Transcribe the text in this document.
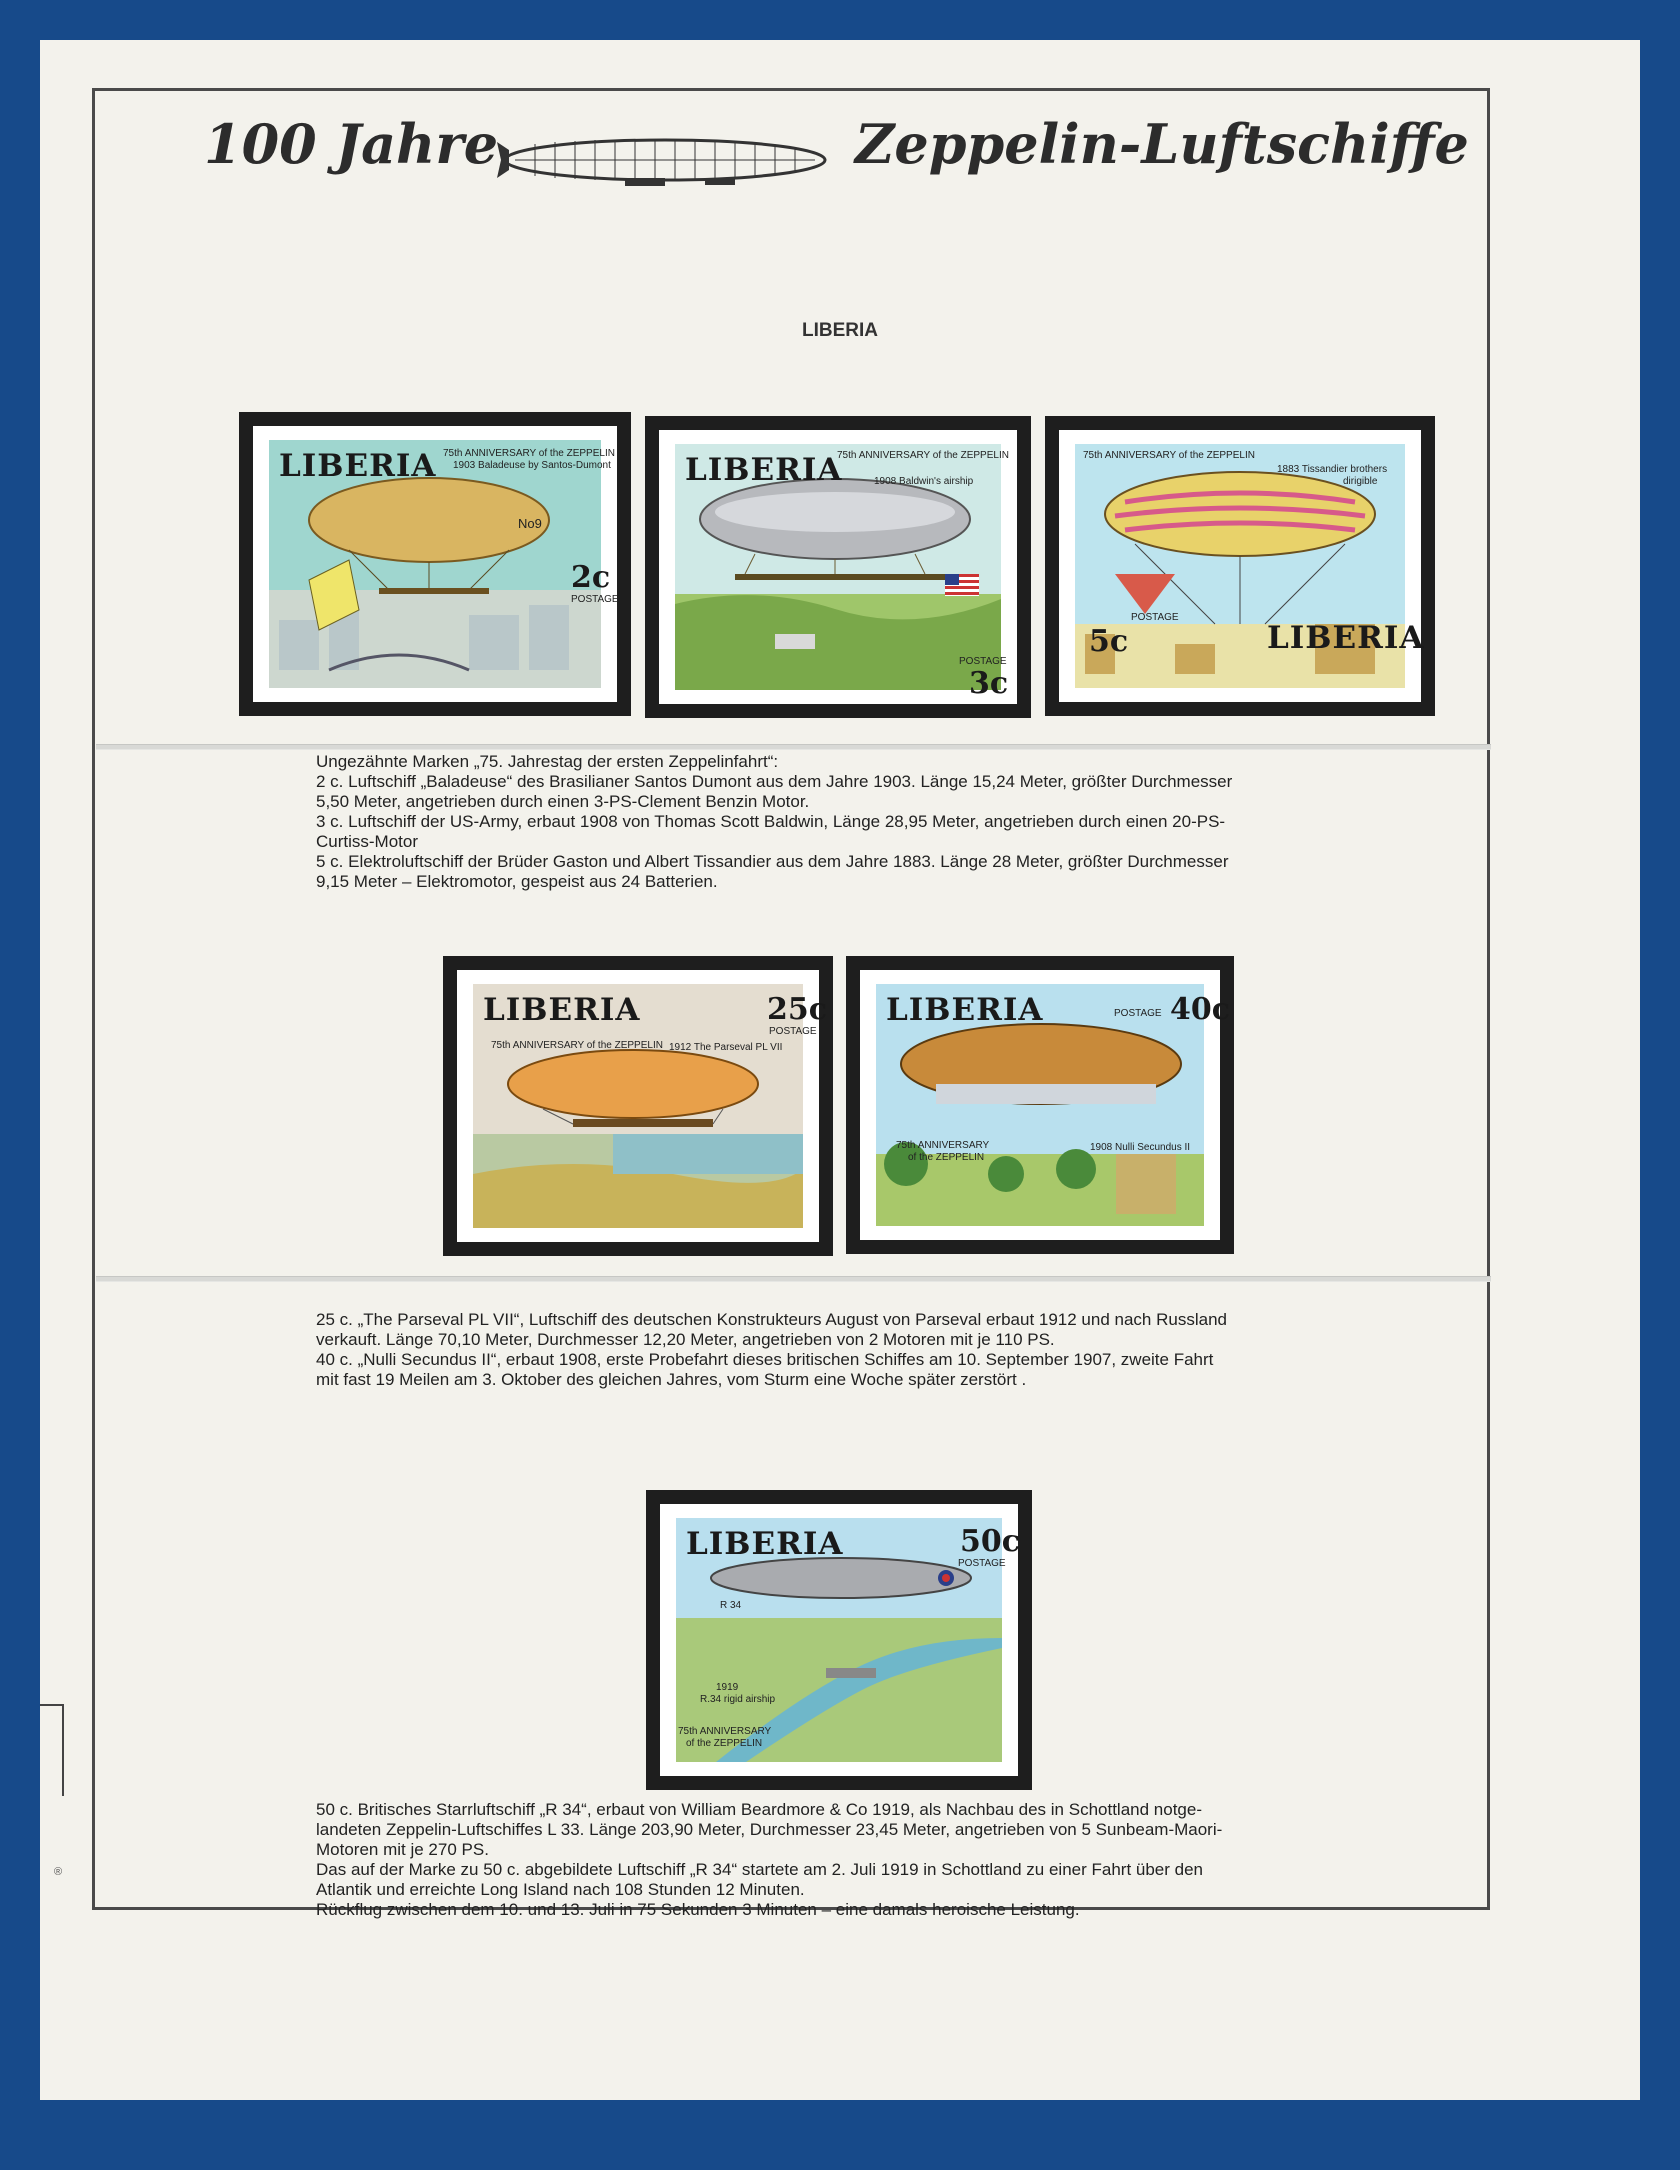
100 Jahre	Zeppelin-Luftschiffe
LIBERIA
LIBERIA 75th ANNIVERSARY of the ZEPPELIN
1903 Baladeuse by Santos-Dumont
No9
2c
POSTAGE
LIBERIA
75th ANNIVERSARY of the ZEPPELIN
1908 Baldwin's airship
POSTAGE
3c
75th ANNIVERSARY of the ZEPPELIN
1883 Tissandier brothers
dirigible
POSTAGE
5c	LIBERIA

Ungezähnte Marken „75. Jahrestag der ersten Zeppelinfahrt“:

2 c. Luftschiff „Baladeuse“ des Brasilianer Santos Dumont aus dem Jahre 1903. Länge 15,24 Meter, größter Durchmesser

5,50 Meter, angetrieben durch einen 3-PS-Clement Benzin Motor.

3 c. Luftschiff der US-Army, erbaut 1908 von Thomas Scott Baldwin, Länge 28,95 Meter, angetrieben durch einen 20-PS-

Curtiss-Motor

5 c. Elektroluftschiff der Brüder Gaston und Albert Tissandier aus dem Jahre 1883. Länge 28 Meter, größter Durchmesser

9,15 Meter – Elektromotor, gespeist aus 24 Batterien.

LIBERIA	25c
POSTAGE
75th ANNIVERSARY of the ZEPPELIN 1912 The Parseval PL VII
LIBERIA	POSTAGE 40c
75th ANNIVERSARY
of the ZEPPELIN
1908 Nulli Secundus II

25 c. „The Parseval PL VII“, Luftschiff des deutschen Konstrukteurs August von Parseval erbaut 1912 und nach Russland

verkauft. Länge 70,10 Meter, Durchmesser 12,20 Meter, angetrieben von 2 Motoren mit je 110 PS.

40 c. „Nulli Secundus II“, erbaut 1908, erste Probefahrt dieses britischen Schiffes am 10. September 1907, zweite Fahrt

mit fast 19 Meilen am 3. Oktober des gleichen Jahres, vom Sturm eine Woche später zerstört .

LIBERIA	50c
POSTAGE
R 34
1919
R.34 rigid airship
75th ANNIVERSARY
of the ZEPPELIN

50 c. Britisches Starrluftschiff „R 34“, erbaut von William Beardmore & Co 1919, als Nachbau des in Schottland notge-

landeten Zeppelin-Luftschiffes L 33. Länge 203,90 Meter, Durchmesser 23,45 Meter, angetrieben von 5 Sunbeam-Maori-

Motoren mit je 270 PS.

Das auf der Marke zu 50 c. abgebildete Luftschiff „R 34“ startete am 2. Juli 1919 in Schottland zu einer Fahrt über den

Atlantik und erreichte Long Island nach 108 Stunden 12 Minuten.

Rückflug zwischen dem 10. und 13. Juli in 75 Sekunden 3 Minuten – eine damals heroische Leistung.

®
